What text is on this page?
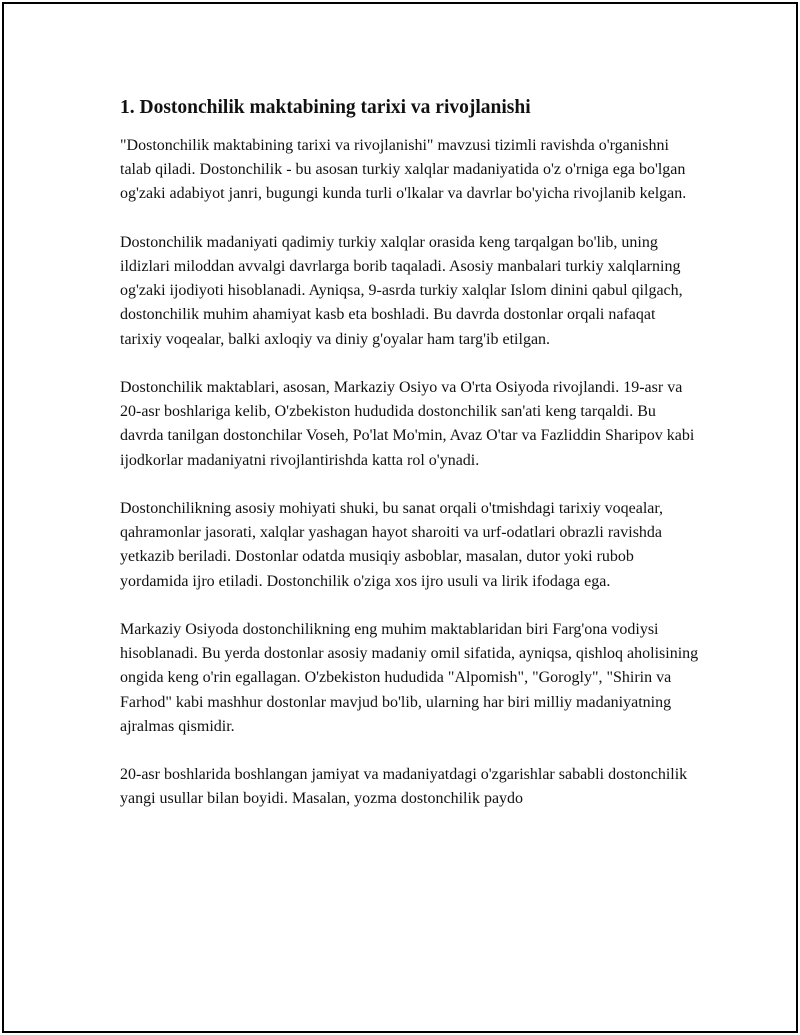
1. Dostonchilik maktabining tarixi va rivojlanishi

"Dostonchilik maktabining tarixi va rivojlanishi" mavzusi tizimli ravishda o'rganishni talab qiladi. Dostonchilik - bu asosan turkiy xalqlar madaniyatida o'z o'rniga ega bo'lgan og'zaki adabiyot janri, bugungi kunda turli o'lkalar va davrlar bo'yicha rivojlanib kelgan.

Dostonchilik madaniyati qadimiy turkiy xalqlar orasida keng tarqalgan bo'lib, uning ildizlari miloddan avvalgi davrlarga borib taqaladi. Asosiy manbalari turkiy xalqlarning og'zaki ijodiyoti hisoblanadi. Ayniqsa, 9-asrda turkiy xalqlar Islom dinini qabul qilgach, dostonchilik muhim ahamiyat kasb eta boshladi. Bu davrda dostonlar orqali nafaqat tarixiy voqealar, balki axloqiy va diniy g'oyalar ham targ'ib etilgan.

Dostonchilik maktablari, asosan, Markaziy Osiyo va O'rta Osiyoda rivojlandi. 19-asr va 20-asr boshlariga kelib, O'zbekiston hududida dostonchilik san'ati keng tarqaldi. Bu davrda tanilgan dostonchilar Voseh, Po'lat Mo'min, Avaz O'tar va Fazliddin Sharipov kabi ijodkorlar madaniyatni rivojlantirishda katta rol o'ynadi.

Dostonchilikning asosiy mohiyati shuki, bu sanat orqali o'tmishdagi tarixiy voqealar, qahramonlar jasorati, xalqlar yashagan hayot sharoiti va urf-odatlari obrazli ravishda yetkazib beriladi. Dostonlar odatda musiqiy asboblar, masalan, dutor yoki rubob yordamida ijro etiladi. Dostonchilik o'ziga xos ijro usuli va lirik ifodaga ega.

Markaziy Osiyoda dostonchilikning eng muhim maktablaridan biri Farg'ona vodiysi hisoblanadi. Bu yerda dostonlar asosiy madaniy omil sifatida, ayniqsa, qishloq aholisining ongida keng o'rin egallagan. O'zbekiston hududida "Alpomish", "Gorogly", "Shirin va Farhod" kabi mashhur dostonlar mavjud bo'lib, ularning har biri milliy madaniyatning ajralmas qismidir.

20-asr boshlarida boshlangan jamiyat va madaniyatdagi o'zgarishlar sababli dostonchilik yangi usullar bilan boyidi. Masalan, yozma dostonchilik paydo
